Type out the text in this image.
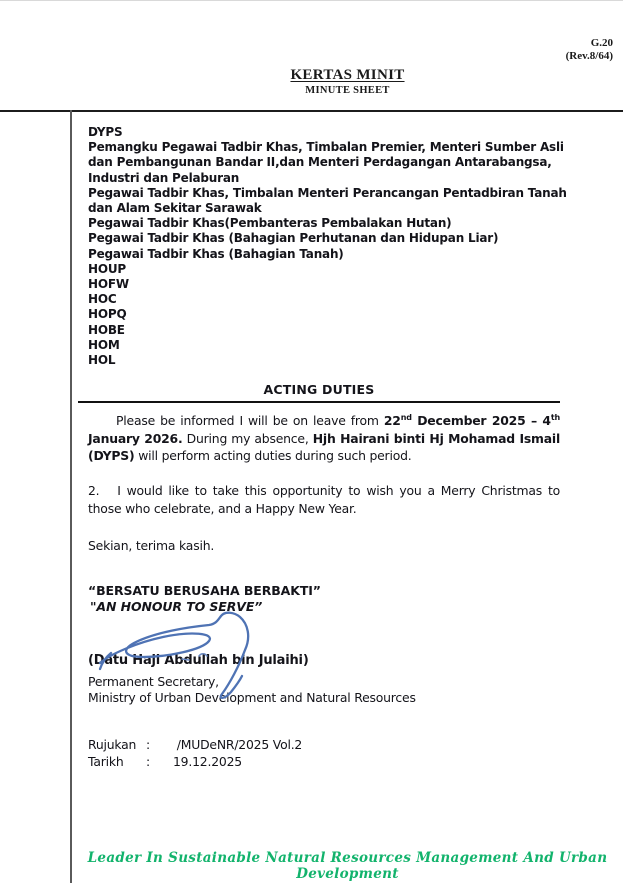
G.20
(Rev.8/64)
KERTAS MINIT
MINUTE SHEET
DYPS
Pemangku Pegawai Tadbir Khas, Timbalan Premier, Menteri Sumber Asli
dan Pembangunan Bandar II,dan Menteri Perdagangan Antarabangsa,
Industri dan Pelaburan
Pegawai Tadbir Khas, Timbalan Menteri Perancangan Pentadbiran Tanah
dan Alam Sekitar Sarawak
Pegawai Tadbir Khas(Pembanteras Pembalakan Hutan)
Pegawai Tadbir Khas (Bahagian Perhutanan dan Hidupan Liar)
Pegawai Tadbir Khas (Bahagian Tanah)
HOUP
HOFW
HOC
HOPQ
HOBE
HOM
HOL
ACTING DUTIES
Please be informed I will be on leave from 22nd December 2025 – 4th January 2026. During my absence, Hjh Hairani binti Hj Mohamad Ismail (DYPS) will perform acting duties during such period.
2.   I would like to take this opportunity to wish you a Merry Christmas to those who celebrate, and a Happy New Year.
Sekian, terima kasih.
“BERSATU BERUSAHA BERBAKTI”
"AN HONOUR TO SERVE”
(Datu Haji Abdullah bin Julaihi)
Permanent Secretary,
Ministry of Urban Development and Natural Resources
Rujukan :	/MUDeNR/2025 Vol.2
Tarikh	:	19.12.2025
Leader In Sustainable Natural Resources Management And Urban Development
